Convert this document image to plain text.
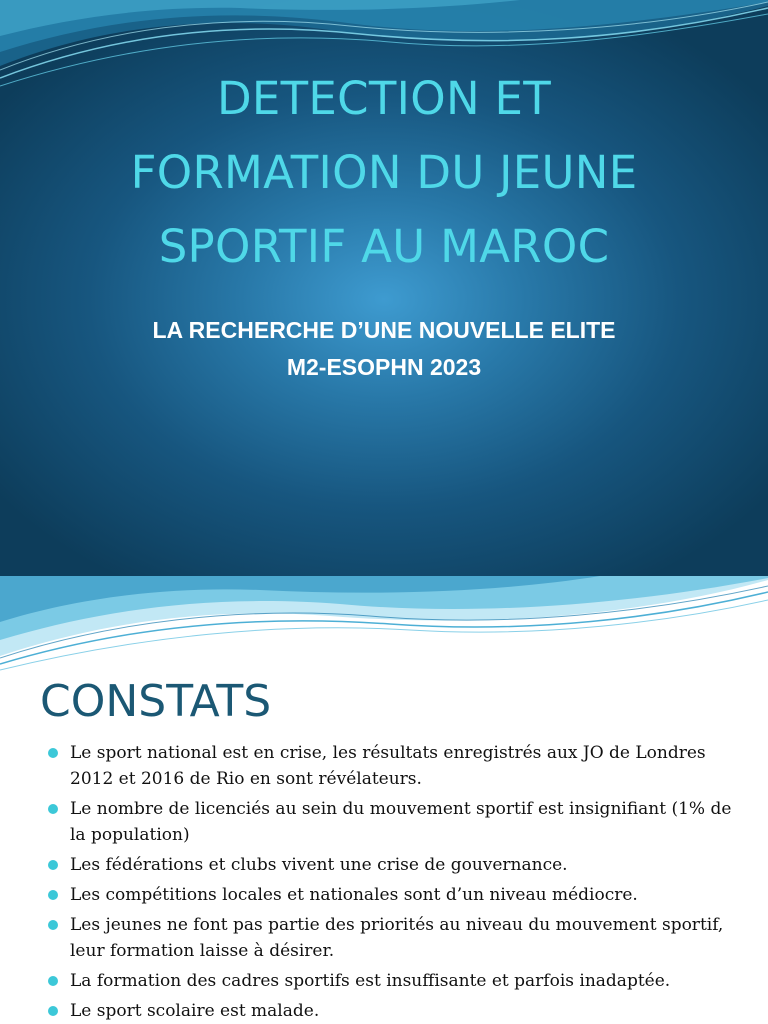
DETECTION ET
FORMATION DU JEUNE
SPORTIF AU MAROC
LA RECHERCHE D’UNE NOUVELLE ELITE
M2-ESOPHN 2023
CONSTATS
Le sport national est en crise, les résultats enregistrés aux JO de Londres 2012 et 2016 de Rio en sont révélateurs.
Le nombre de licenciés au sein du mouvement sportif est insignifiant (1% de la population)
Les fédérations et clubs vivent une crise de gouvernance.
Les compétitions locales et nationales sont d’un niveau médiocre.
Les jeunes ne font pas partie des priorités au niveau du mouvement sportif, leur formation laisse à désirer.
La formation des cadres sportifs est insuffisante et parfois inadaptée.
Le sport scolaire est malade.
